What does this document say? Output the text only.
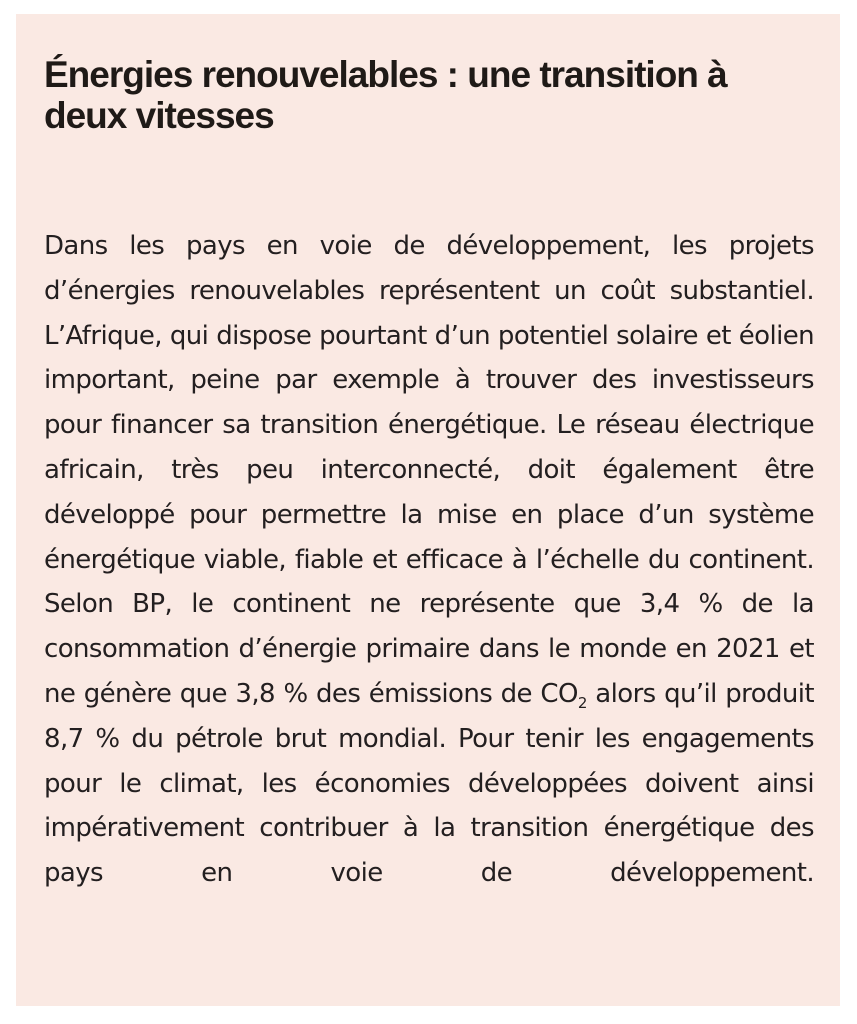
Énergies renouvelables : une transition à deux vitesses

Dans les pays en voie de développement, les projets d’énergies renouvelables représentent un coût substantiel. L’Afrique, qui dispose pourtant d’un potentiel solaire et éolien important, peine par exemple à trouver des investisseurs pour financer sa transition énergétique. Le réseau électrique africain, très peu interconnecté, doit également être développé pour permettre la mise en place d’un système énergétique viable, fiable et efficace à l’échelle du continent. Selon BP, le continent ne représente que 3,4 % de la consommation d’énergie primaire dans le monde en 2021 et ne génère que 3,8 % des émissions de $CO_2$ alors qu’il produit 8,7 % du pétrole brut mondial. Pour tenir les engagements pour le climat, les économies développées doivent ainsi impérativement contribuer à la transition énergétique des pays en voie de développement.
